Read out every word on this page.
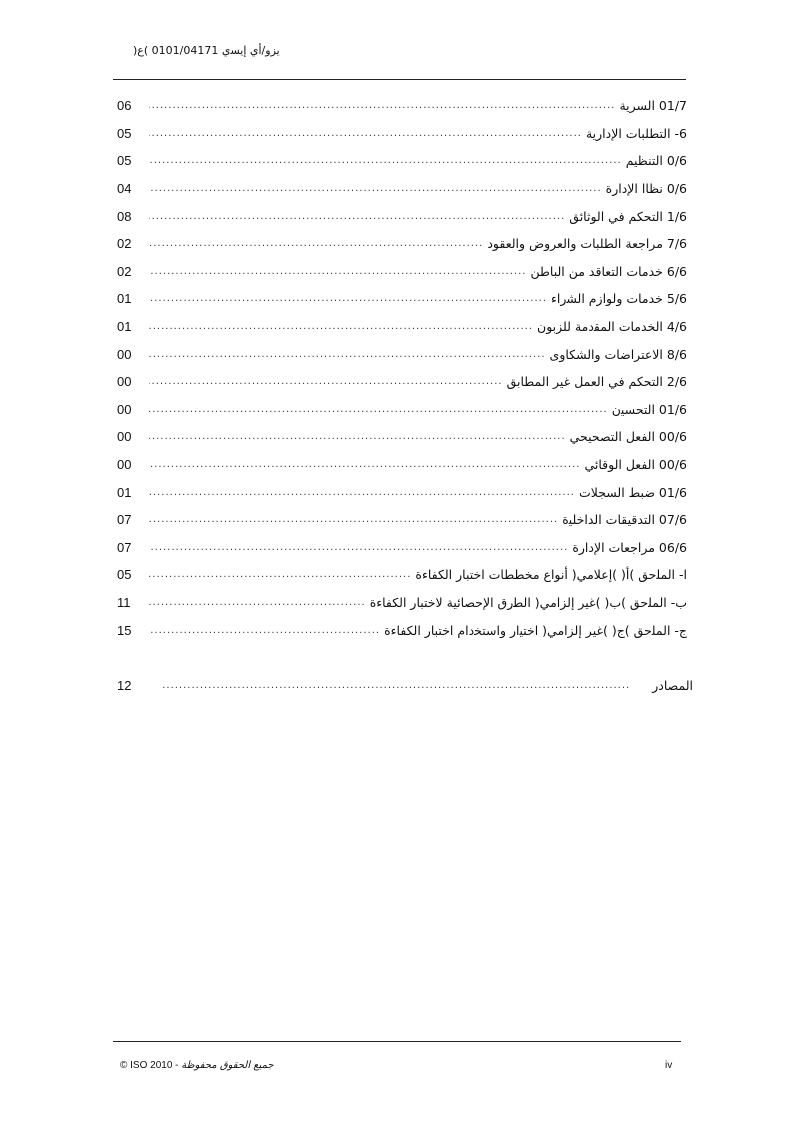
ﻳ‍ﺰو/أي إي‍ﺴي 0101/04171 )ع(
01/7 الس‍رية
.....
06
6- ال‍ﺘ‍ﻄ‍ﻠﺒ‍ﺎت الإداري‍ة
.....
05
0/6 ال‍ﺘ‍ﻨﻈ‍ﻴﻢ
.....
05
0/6 ن‍ظ‍اا الإدارة
.....
04
1/6 ال‍ﺘﺤ‍ﻜﻢ في ال‍ﻮﺛ‍ﺎئق
.....
08
7/6 مراج‍ﻌﺔ ال‍ﻄ‍ﻠﺒ‍ﺎت وال‍ﻌ‍روض وال‍ﻌ‍ﻘ‍ود
.....
02
6/6 خدمات ال‍ﺘ‍ﻌ‍ﺎقد من ال‍ﺒ‍ﺎطن
.....
02
5/6 خدم‍ﺎت ولوازم ال‍ﺸراء
.....
01
4/6 الخدمات ال‍ﻤ‍ﻘدمة لل‍ﺰب‍ﻮن
.....
01
8/6 الاع‍ﺘ‍ﺮاض‍ﺎت وال‍ﺸ‍ﻜﺎوى
.....
00
2/6 ال‍ﺘﺤ‍ﻜﻢ في ال‍ﻌﻤ‍ل غير ال‍ﻤ‍ﻄ‍ﺎب‍ق
.....
00
01/6 ال‍ﺘﺤ‍ﺴ‍ﻴن
.....
00
00/6 الف‍ﻌ‍ﻞ ال‍ﺘ‍ﺼ‍ﺤ‍ﻴﺤ‍ﻲ
.....
00
00/6 الف‍ﻌ‍ﻞ ال‍ﻮق‍ﺎئي
.....
00
01/6 ضبط ال‍ﺴ‍ﺠ‍لات
.....
01
07/6 ال‍ﺘ‍ﺪقيقات الداخ‍ﻠ‍ﻴة
.....
07
06/6 مراجعات الإدارة
.....
07
ا- ال‍ﻤ‍ﻠح‍ق )أ( )إعلامي( أنواع مخططات اخ‍ﺘ‍ﺒ‍ار ال‍ﻜﻔ‍ﺎءة
.....
05
ب- ال‍ﻤ‍ﻠح‍ق )ب( )غير إل‍ﺰامي( ال‍ﻄرق الإح‍ﺼ‍ﺎئ‍ﻴ‍ة لاخ‍ﺘ‍ﺒ‍ار ال‍ﻜﻔ‍ﺎءة
.....
11
ج- ال‍ﻤ‍ﻠح‍ق )ج( )غير إل‍ﺰامي( اخ‍ﺘ‍ﻴار واس‍ﺘ‍ﺨدام اخ‍ﺘ‍ﺒ‍ار ال‍ﻜﻔ‍ﺎءة
.....
15
ال‍ﻤ‍ﺼ‍ادر
.....
12
© ISO 2010 - جميع الحقوق محفوظة	iv
